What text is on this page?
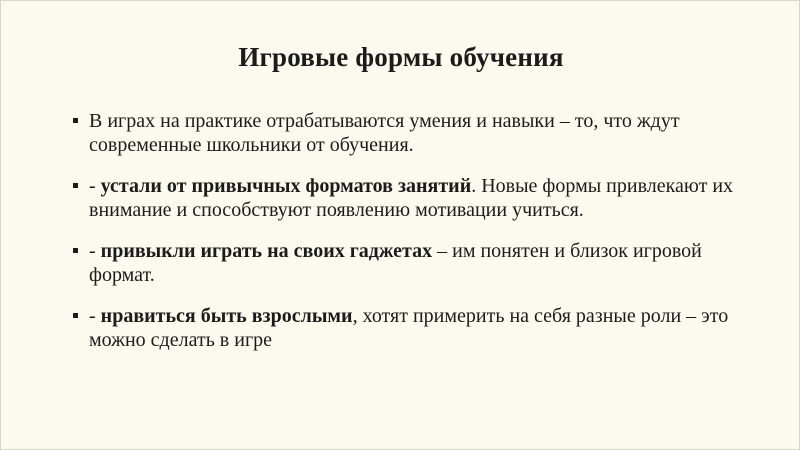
Игровые формы обучения
В играх на практике отрабатываются умения и навыки – то, что ждут современные школьники от обучения.
- устали от привычных форматов занятий. Новые формы привлекают их внимание и способствуют появлению мотивации учиться.
- привыкли играть на своих гаджетах – им понятен и близок игровой формат.
- нравиться быть взрослыми, хотят примерить на себя разные роли – это можно сделать в игре
